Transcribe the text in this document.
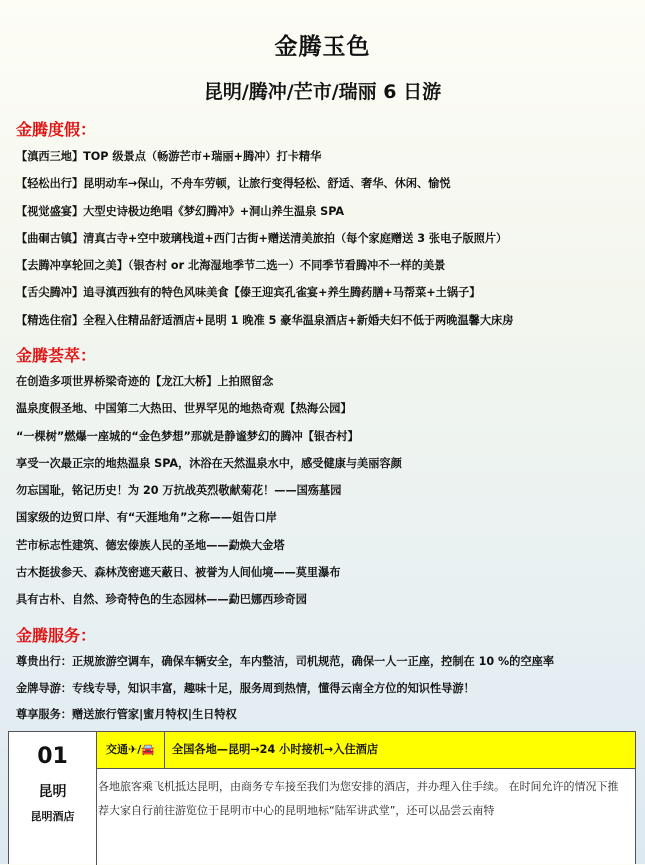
金腾玉色
昆明/腾冲/芒市/瑞丽 6 日游
金腾度假：
【滇西三地】TOP 级景点（畅游芒市+瑞丽+腾冲）打卡精华
【轻松出行】昆明动车→保山，不舟车劳顿，让旅行变得轻松、舒适、奢华、休闲、愉悦
【视觉盛宴】大型史诗极边绝唱《梦幻腾冲》+洞山养生温泉 SPA
【曲硐古镇】清真古寺+空中玻璃栈道+西门古街+赠送清美旅拍（每个家庭赠送 3 张电子版照片）
【去腾冲享轮回之美】（银杏村 or 北海湿地季节二选一）不同季节看腾冲不一样的美景
【舌尖腾冲】追寻滇西独有的特色风味美食【傣王迎宾孔雀宴+养生腾药膳+马帮菜+土锅子】
【精选住宿】全程入住精品舒适酒店+昆明 1 晚准 5 豪华温泉酒店+新婚夫妇不低于两晚温馨大床房
金腾荟萃：
在创造多项世界桥梁奇迹的【龙江大桥】上拍照留念
温泉度假圣地、中国第二大热田、世界罕见的地热奇观【热海公园】
“一棵树”燃爆一座城的“金色梦想”那就是静谧梦幻的腾冲【银杏村】
享受一次最正宗的地热温泉 SPA，沐浴在天然温泉水中，感受健康与美丽容颜
勿忘国耻，铭记历史！为 20 万抗战英烈敬献菊花！——国殇墓园
国家级的边贸口岸、有“天涯地角”之称——姐告口岸
芒市标志性建筑、德宏傣族人民的圣地——勐焕大金塔
古木挺拔参天、森林茂密遮天蔽日、被誉为人间仙境——莫里瀑布
具有古朴、自然、珍奇特色的生态园林——勐巴娜西珍奇园
金腾服务：
尊贵出行：正规旅游空调车，确保车辆安全，车内整洁，司机规范，确保一人一正座，控制在 10 %的空座率
金牌导游：专线专导，知识丰富，趣味十足，服务周到热情，懂得云南全方位的知识性导游！
尊享服务：赠送旅行管家|蜜月特权|生日特权
01
昆明
昆明酒店
交通✈/🚘	全国各地—昆明→24 小时接机→入住酒店
各地旅客乘飞机抵达昆明，由商务专车接至我们为您安排的酒店，并办理入住手续。 在时间允许的情况下推荐大家自行前往游览位于昆明市中心的昆明地标“陆军讲武堂”，还可以品尝云南特
